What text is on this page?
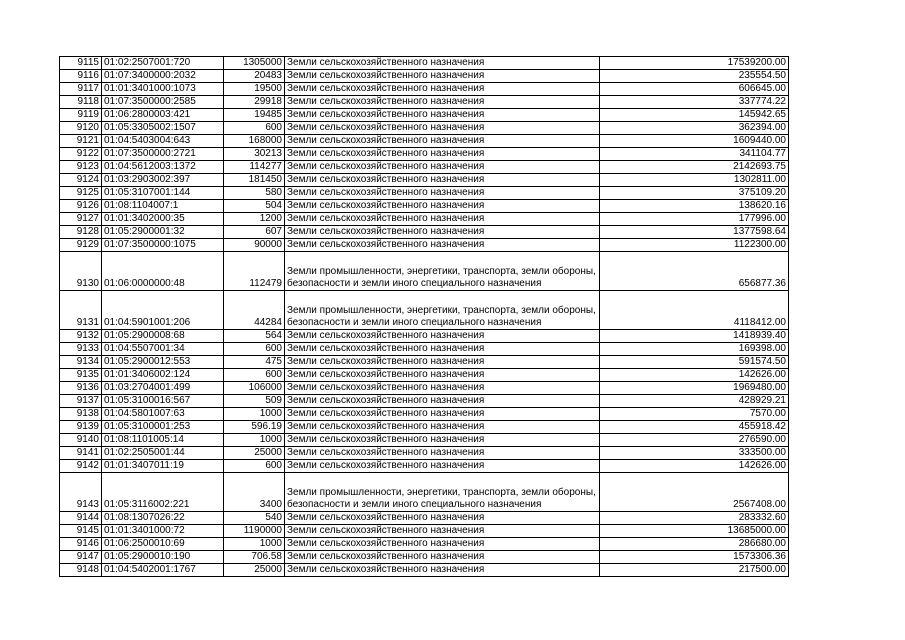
9115	01:02:2507001:720	1305000	Земли сельскохозяйственного назначения	17539200.00
9116	01:07:3400000:2032	20483	Земли сельскохозяйственного назначения	235554.50
9117	01:01:3401000:1073	19500	Земли сельскохозяйственного назначения	606645.00
9118	01:07:3500000:2585	29918	Земли сельскохозяйственного назначения	337774.22
9119	01:06:2800003:421	19485	Земли сельскохозяйственного назначения	145942.65
9120	01:05:3305002:1507	600	Земли сельскохозяйственного назначения	362394.00
9121	01:04:5403004:643	168000	Земли сельскохозяйственного назначения	1609440.00
9122	01:07:3500000:2721	30213	Земли сельскохозяйственного назначения	341104.77
9123	01:04:5612003:1372	114277	Земли сельскохозяйственного назначения	2142693.75
9124	01:03:2903002:397	181450	Земли сельскохозяйственного назначения	1302811.00
9125	01:05:3107001:144	580	Земли сельскохозяйственного назначения	375109.20
9126	01:08:1104007:1	504	Земли сельскохозяйственного назначения	138620.16
9127	01:01:3402000:35	1200	Земли сельскохозяйственного назначения	177996.00
9128	01:05:2900001:32	607	Земли сельскохозяйственного назначения	1377598.64
9129	01:07:3500000:1075	90000	Земли сельскохозяйственного назначения	1122300.00
9130	01:06:0000000:48	112479	Земли промышленности, энергетики, транспорта, земли обороны, безопасности и земли иного специального назначения	656877.36
9131	01:04:5901001:206	44284	Земли промышленности, энергетики, транспорта, земли обороны, безопасности и земли иного специального назначения	4118412.00
9132	01:05:2900008:68	564	Земли сельскохозяйственного назначения	1418939.40
9133	01:04:5507001:34	600	Земли сельскохозяйственного назначения	169398.00
9134	01:05:2900012:553	475	Земли сельскохозяйственного назначения	591574.50
9135	01:01:3406002:124	600	Земли сельскохозяйственного назначения	142626.00
9136	01:03:2704001:499	106000	Земли сельскохозяйственного назначения	1969480.00
9137	01:05:3100016:567	509	Земли сельскохозяйственного назначения	428929.21
9138	01:04:5801007:63	1000	Земли сельскохозяйственного назначения	7570.00
9139	01:05:3100001:253	596.19	Земли сельскохозяйственного назначения	455918.42
9140	01:08:1101005:14	1000	Земли сельскохозяйственного назначения	276590.00
9141	01:02:2505001:44	25000	Земли сельскохозяйственного назначения	333500.00
9142	01:01:3407011:19	600	Земли сельскохозяйственного назначения	142626.00
9143	01:05:3116002:221	3400	Земли промышленности, энергетики, транспорта, земли обороны, безопасности и земли иного специального назначения	2567408.00
9144	01:08:1307026:22	540	Земли сельскохозяйственного назначения	283332.60
9145	01:01:3401000:72	1190000	Земли сельскохозяйственного назначения	13685000.00
9146	01:06:2500010:69	1000	Земли сельскохозяйственного назначения	286680.00
9147	01:05:2900010:190	706.58	Земли сельскохозяйственного назначения	1573306.36
9148	01:04:5402001:1767	25000	Земли сельскохозяйственного назначения	217500.00
